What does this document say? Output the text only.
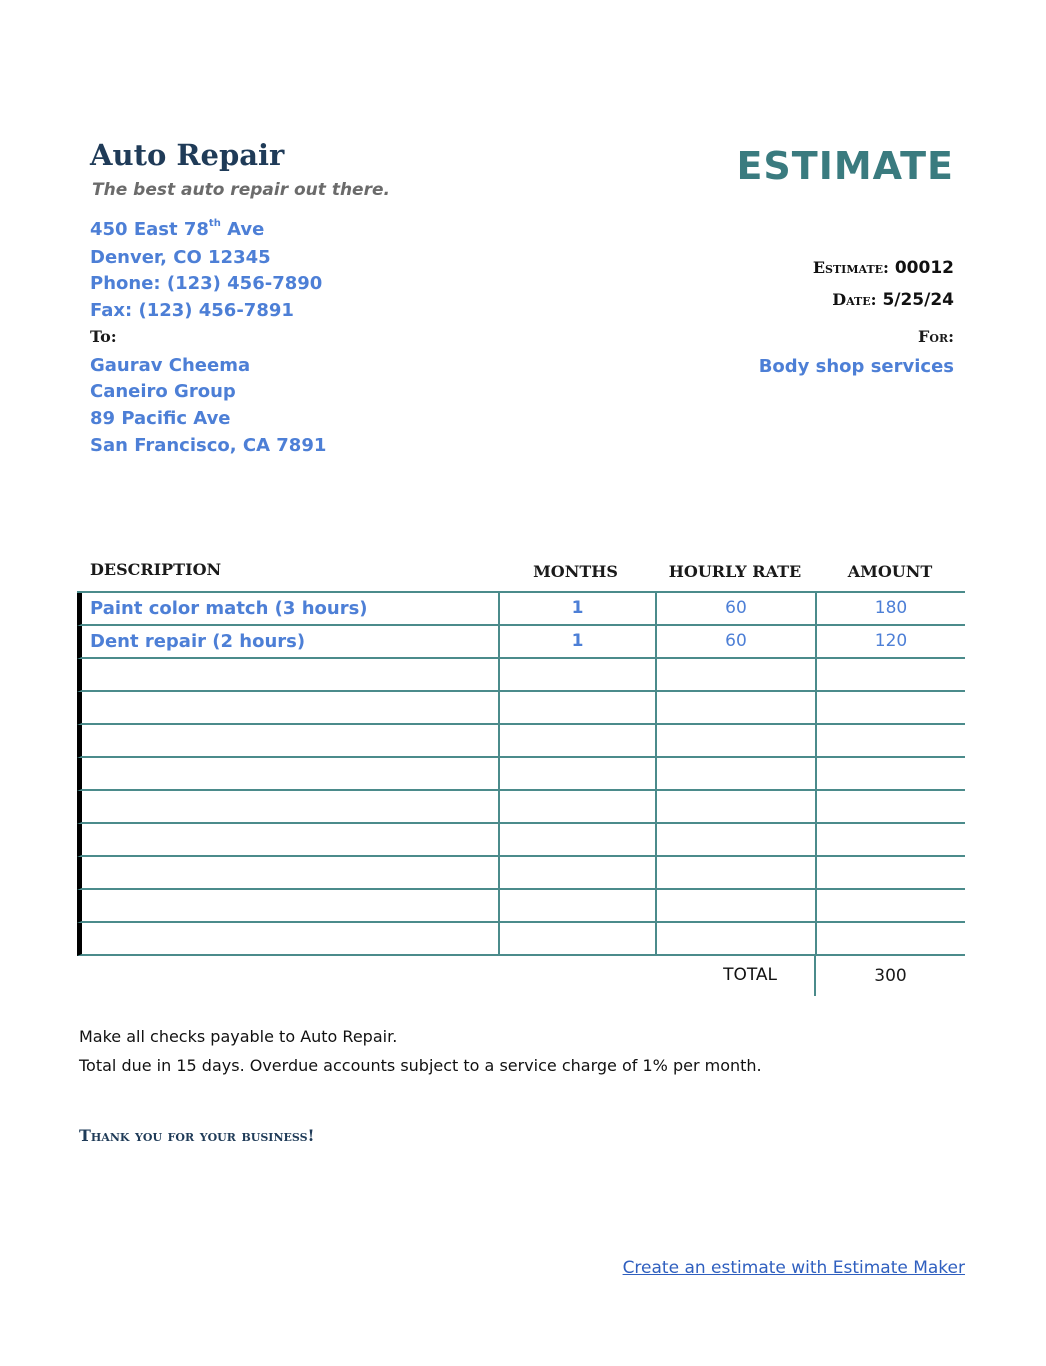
Auto Repair
The best auto repair out there.
ESTIMATE
450 East 78th Ave
Denver, CO 12345
Phone: (123) 456-7890
Fax: (123) 456-7891
To:
Gaurav Cheema
Caneiro Group
89 Pacific Ave
San Francisco, CA 7891
Estimate: 00012
Date: 5/25/24
For:
Body shop services
DESCRIPTION	MONTHS	HOURLY RATE	AMOUNT
Paint color match (3 hours)	1	60	180
Dent repair (2 hours)	1	60	120
TOTAL	300
Make all checks payable to Auto Repair.
Total due in 15 days. Overdue accounts subject to a service charge of 1% per month.
Thank you for your business!
Create an estimate with Estimate Maker
